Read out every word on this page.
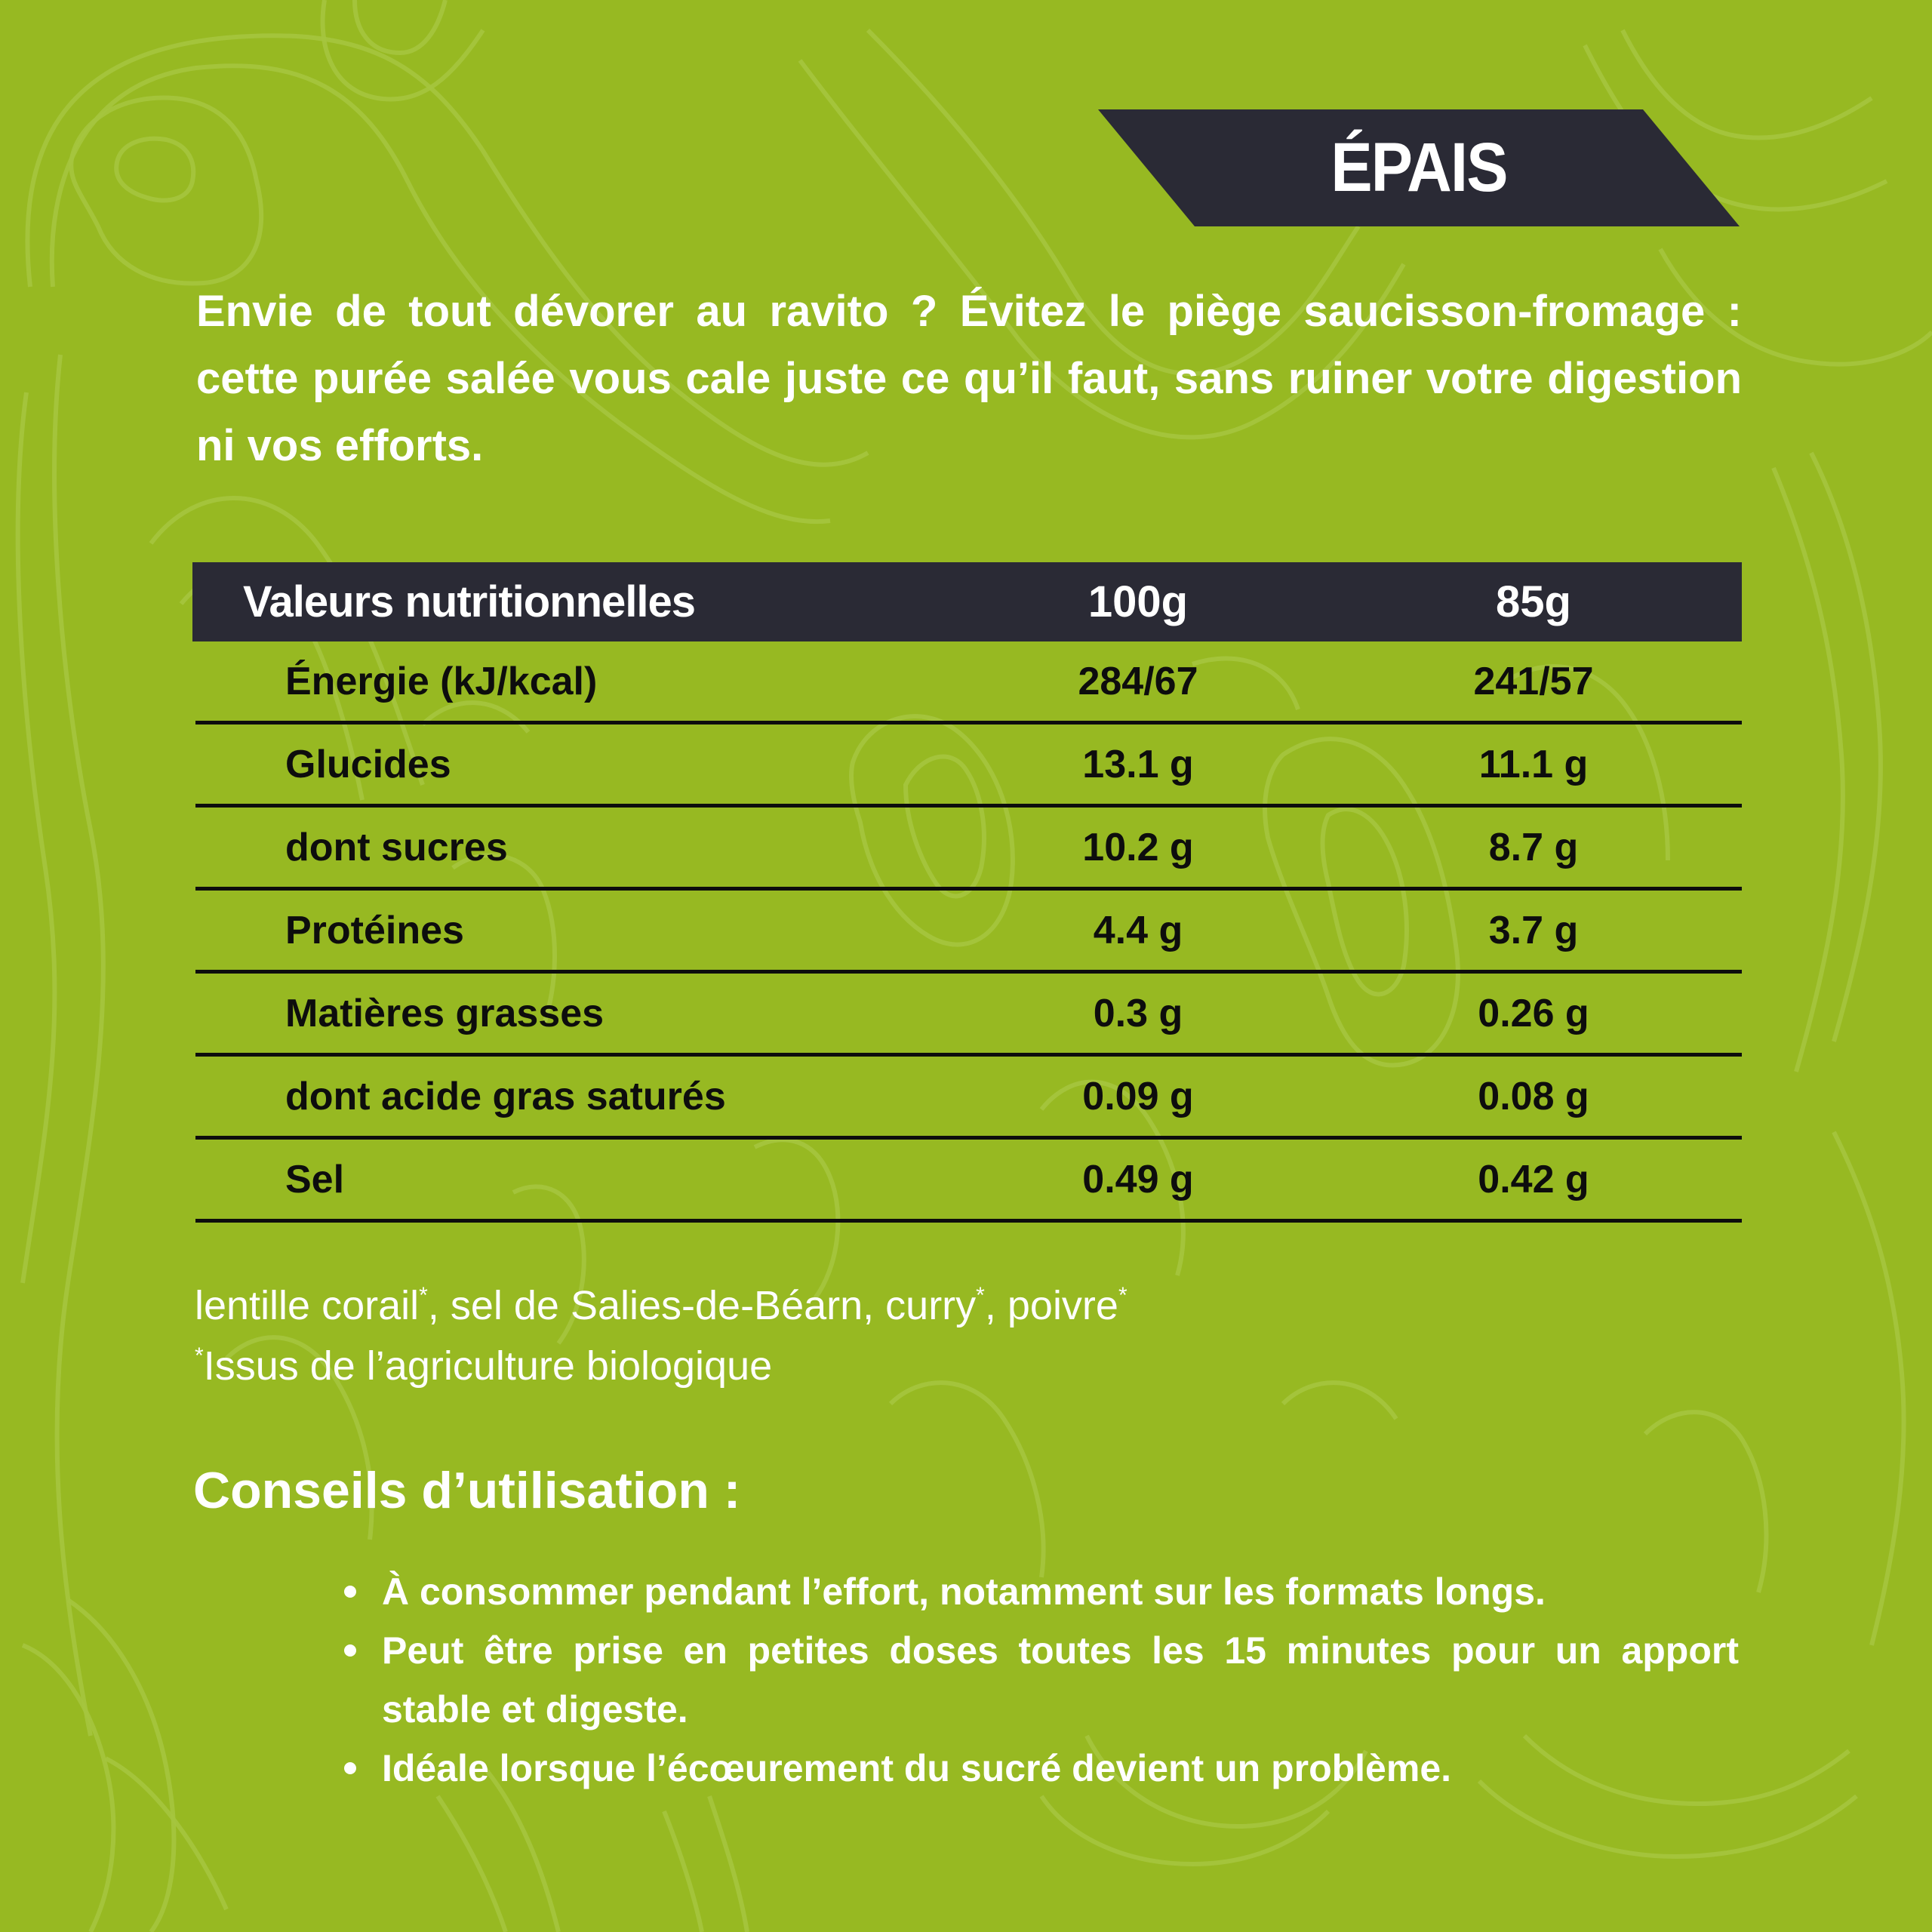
ÉPAIS

Envie de tout dévorer au ravito ? Évitez le piège saucisson-fromage : cette purée salée vous cale juste ce qu’il faut, sans ruiner votre digestion ni vos efforts.

Valeurs nutritionnelles	100g	85g
Énergie (kJ/kcal)	284/67	241/57
Glucides	13.1 g	11.1 g
dont sucres	10.2 g	8.7 g
Protéines	4.4 g	3.7 g
Matières grasses	0.3 g	0.26 g
dont acide gras saturés	0.09 g	0.08 g
Sel	0.49 g	0.42 g
lentille corail*, sel de Salies-de-Béarn, curry*, poivre*
*Issus de l’agriculture biologique
Conseils d’utilisation :
À consommer pendant l’effort, notamment sur les formats longs.
Peut être prise en petites doses toutes les 15 minutes pour un apport stable et digeste.
Idéale lorsque l’écœurement du sucré devient un problème.
